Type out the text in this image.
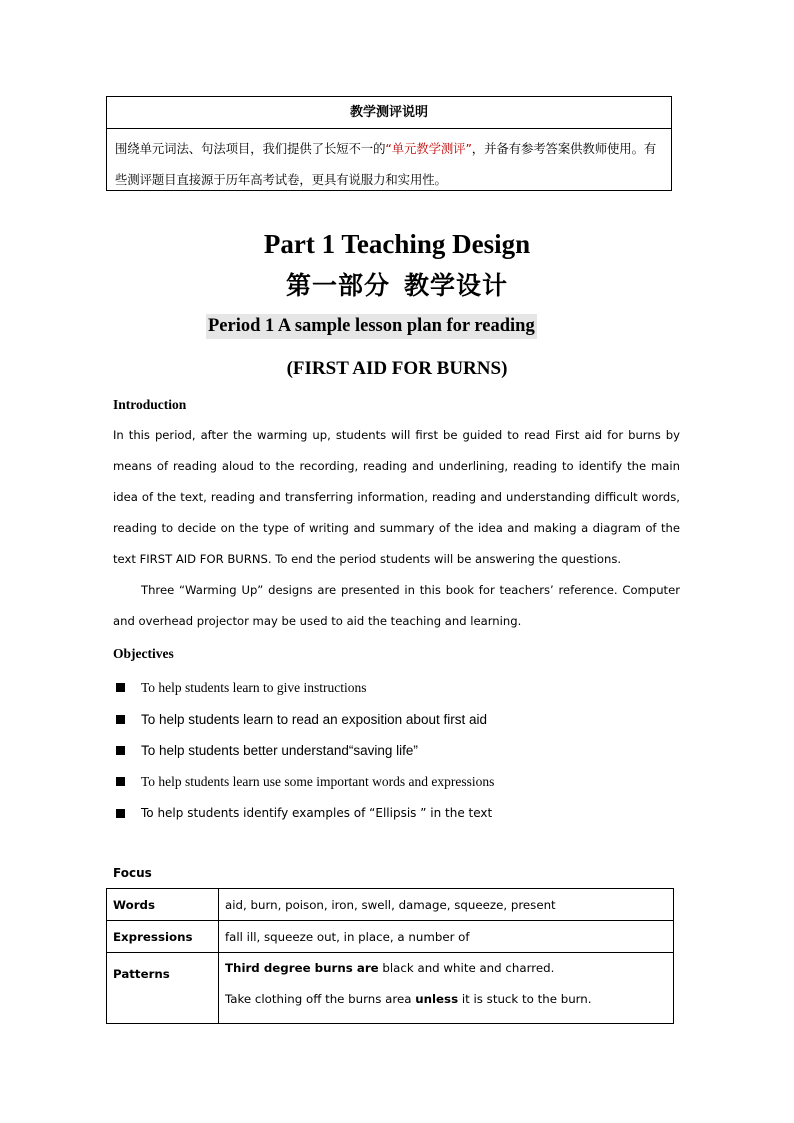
教学测评说明
围绕单元词法、句法项目，我们提供了长短不一的“单元教学测评”，并备有参考答案供教师使用。有些测评题目直接源于历年高考试卷，更具有说服力和实用性。
Part 1 Teaching Design
第一部分 教学设计
Period 1 A sample lesson plan for reading
(FIRST AID FOR BURNS)
Introduction

In this period, after the warming up, students will first be guided to read First aid for burns by means of reading aloud to the recording, reading and underlining, reading to identify the main idea of the text, reading and transferring information, reading and understanding difficult words, reading to decide on the type of writing and summary of the idea and making a diagram of the text FIRST AID FOR BURNS. To end the period students will be answering the questions.

Three “Warming Up” designs are presented in this book for teachers’ reference. Computer and overhead projector may be used to aid the teaching and learning.

Objectives
To help students learn to give instructions
To help students learn to read an exposition about first aid
To help students better understand“saving life”
To help students learn use some important words and expressions
To help students identify examples of “Ellipsis ” in the text
Focus
Words	aid, burn, poison, iron, swell, damage, squeeze, present
Expressions	fall ill, squeeze out, in place, a number of
Patterns	Third degree burns are black and white and charred.
Take clothing off the burns area unless it is stuck to the burn.
